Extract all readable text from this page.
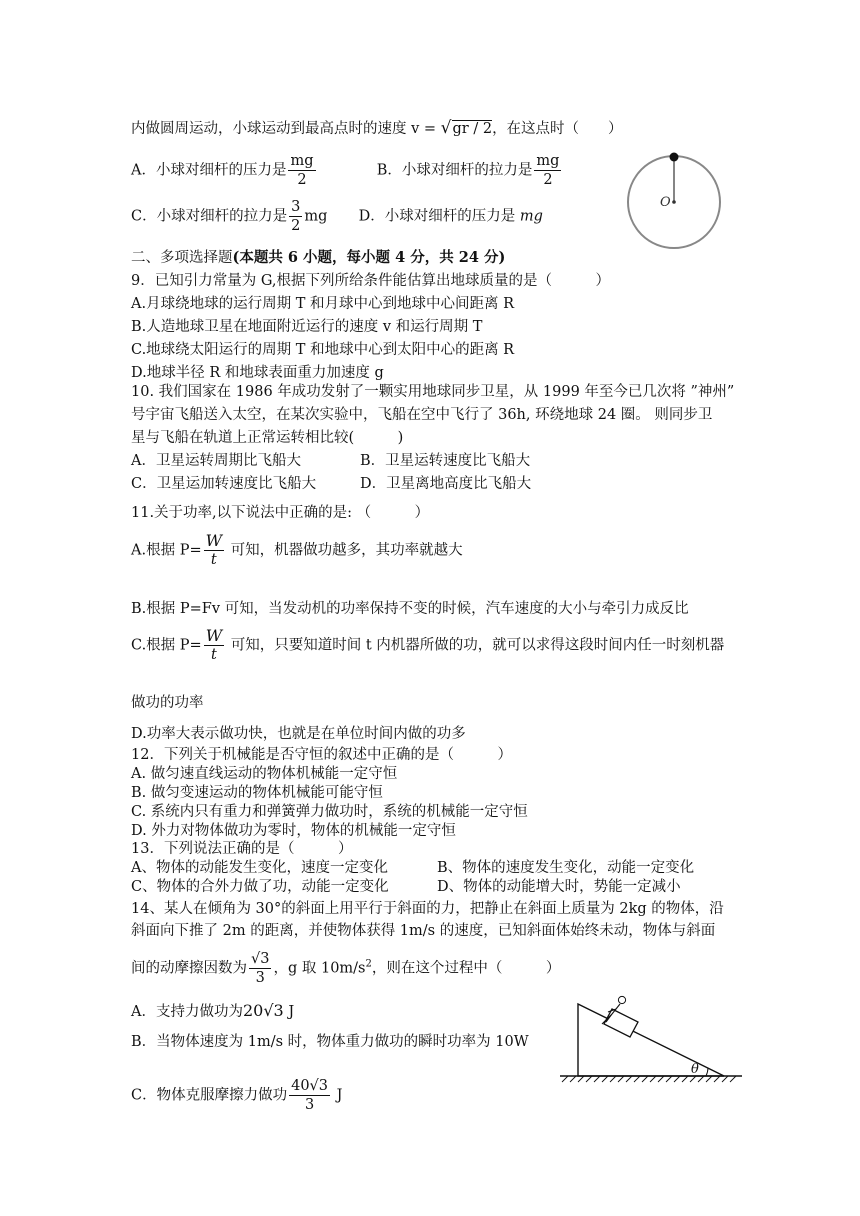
内做圆周运动，小球运动到最高点时的速度 v = √gr / 2，在这点时（　　）
A．小球对细杆的压力是 $\frac{mg}{2}$	B．小球对细杆的拉力是 $\frac{mg}{2}$
C．小球对细杆的拉力是 $\frac{3}{2}$ mg D．小球对细杆的压力是 mg
O
二、多项选择题(本题共 6 小题，每小题 4 分，共 24 分)
9．已知引力常量为 G,根据下列所给条件能估算出地球质量的是（　　　）
A.月球绕地球的运行周期 T 和月球中心到地球中心间距离 R
B.人造地球卫星在地面附近运行的速度 v 和运行周期 T
C.地球绕太阳运行的周期 T 和地球中心到太阳中心的距离 R
D.地球半径 R 和地球表面重力加速度 g
10. 我们国家在 1986 年成功发射了一颗实用地球同步卫星，从 1999 年至今已几次将 ”神州”
号宇宙飞船送入太空，在某次实验中，飞船在空中飞行了 36h, 环绕地球 24 圈。 则同步卫
星与飞船在轨道上正常运转相比较(　　　)
A．卫星运转周期比飞船大	B．卫星运转速度比飞船大
C．卫星运加转速度比飞船大	D．卫星离地高度比飞船大
11.关于功率,以下说法中正确的是: （　　　）
A.根据 $P= \frac{W}{t}$ 可知，机器做功越多，其功率就越大
B.根据 P=Fv 可知，当发动机的功率保持不变的时候，汽车速度的大小与牵引力成反比
C.根据 $P= \frac{W}{t}$ 可知，只要知道时间 t 内机器所做的功，就可以求得这段时间内任一时刻机器
做功的功率
D.功率大表示做功快，也就是在单位时间内做的功多
12．下列关于机械能是否守恒的叙述中正确的是（　　　）
A. 做匀速直线运动的物体机械能一定守恒
B. 做匀变速运动的物体机械能可能守恒
C. 系统内只有重力和弹簧弹力做功时，系统的机械能一定守恒
D. 外力对物体做功为零时，物体的机械能一定守恒
13．下列说法正确的是（　　　）
A、物体的动能发生变化，速度一定变化	B、物体的速度发生变化，动能一定变化
C、物体的合外力做了功，动能一定变化	D、物体的动能增大时，势能一定减小
14、某人在倾角为 30°的斜面上用平行于斜面的力，把静止在斜面上质量为 2kg 的物体，沿
斜面向下推了 2m 的距离，并使物体获得 1m/s 的速度，已知斜面体始终未动，物体与斜面
间的动摩擦因数为 $\frac{√3}{3}$ ，g 取 $10m/s^2$，则在这个过程中（　　　）
A．支持力做功为20√3 J
B．当物体速度为 1m/s 时，物体重力做功的瞬时功率为 10W
C．物体克服摩擦力做功 $\frac{40√3}{3}$ J
θ
